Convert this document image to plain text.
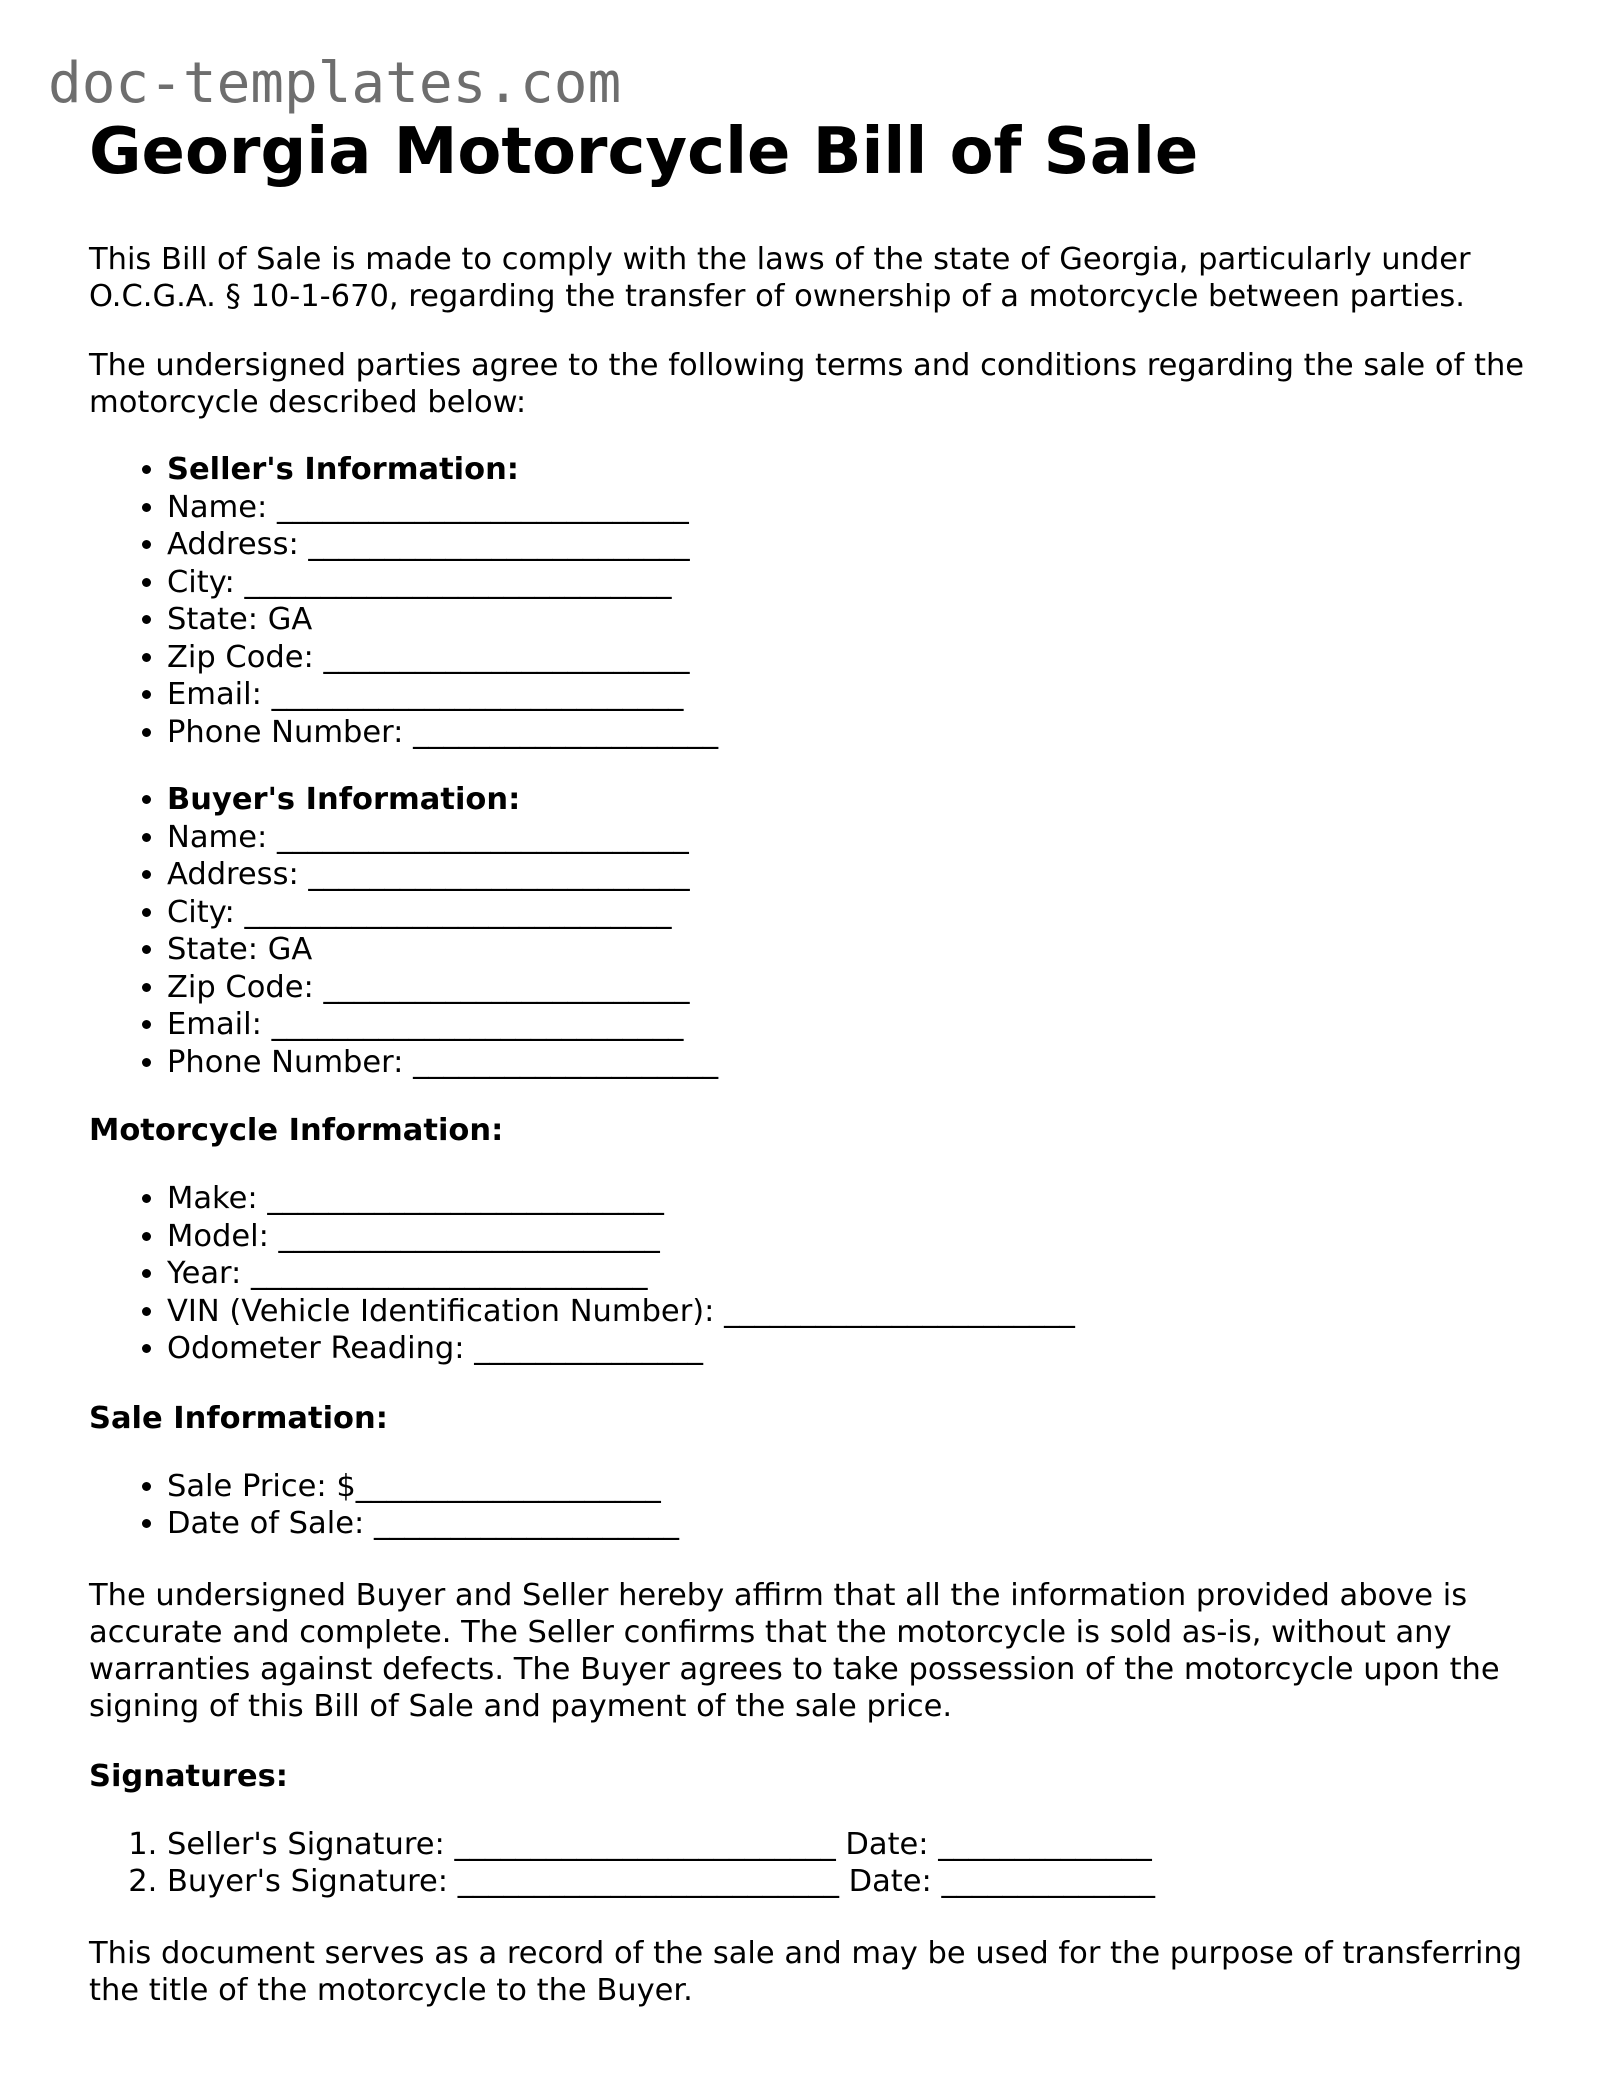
doc-templates.com
Georgia Motorcycle Bill of Sale

This Bill of Sale is made to comply with the laws of the state of Georgia, particularly under O.C.G.A. § 10-1-670, regarding the transfer of ownership of a motorcycle between parties.

The undersigned parties agree to the following terms and conditions regarding the sale of the motorcycle described below:

• Seller's Information:
• Name: ___________________________
• Address: _________________________
• City: ____________________________
• State: GA
• Zip Code: ________________________
• Email: ___________________________
• Phone Number: ____________________
• Buyer's Information:
• Name: ___________________________
• Address: _________________________
• City: ____________________________
• State: GA
• Zip Code: ________________________
• Email: ___________________________
• Phone Number: ____________________
Motorcycle Information:
• Make: __________________________
• Model: _________________________
• Year: __________________________
• VIN (Vehicle Identification Number): _______________________
• Odometer Reading: _______________
Sale Information:
• Sale Price: $____________________
• Date of Sale: ____________________

The undersigned Buyer and Seller hereby affirm that all the information provided above is accurate and complete. The Seller confirms that the motorcycle is sold as-is, without any warranties against defects. The Buyer agrees to take possession of the motorcycle upon the signing of this Bill of Sale and payment of the sale price.

Signatures:
1. Seller's Signature: _________________________ Date: ______________
2. Buyer's Signature: _________________________ Date: ______________

This document serves as a record of the sale and may be used for the purpose of transferring the title of the motorcycle to the Buyer.
